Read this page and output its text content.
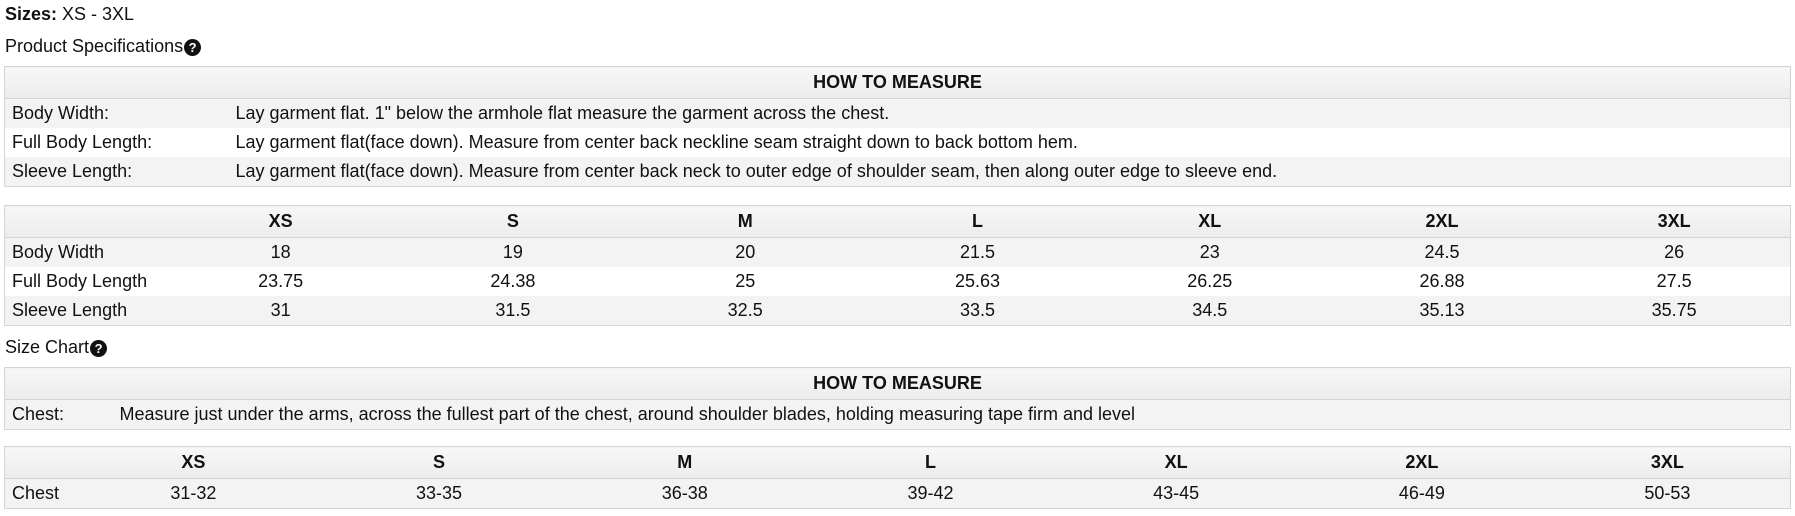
Sizes: XS - 3XL
Product Specifications ?
HOW TO MEASURE	
Body Width:	Lay garment flat. 1" below the armhole flat measure the garment across the chest.
Full Body Length:	Lay garment flat(face down). Measure from center back neckline seam straight down to back bottom hem.
Sleeve Length:	Lay garment flat(face down). Measure from center back neck to outer edge of shoulder seam, then along outer edge to sleeve end.
	XS	S	M	L	XL	2XL	3XL
Body Width	18	19	20	21.5	23	24.5	26
Full Body Length	23.75	24.38	25	25.63	26.25	26.88	27.5
Sleeve Length	31	31.5	32.5	33.5	34.5	35.13	35.75
Size Chart ?
HOW TO MEASURE
Chest:	Measure just under the arms, across the fullest part of the chest, around shoulder blades, holding measuring tape firm and level
	XS	S	M	L	XL	2XL	3XL
Chest	31-32	33-35	36-38	39-42	43-45	46-49	50-53
